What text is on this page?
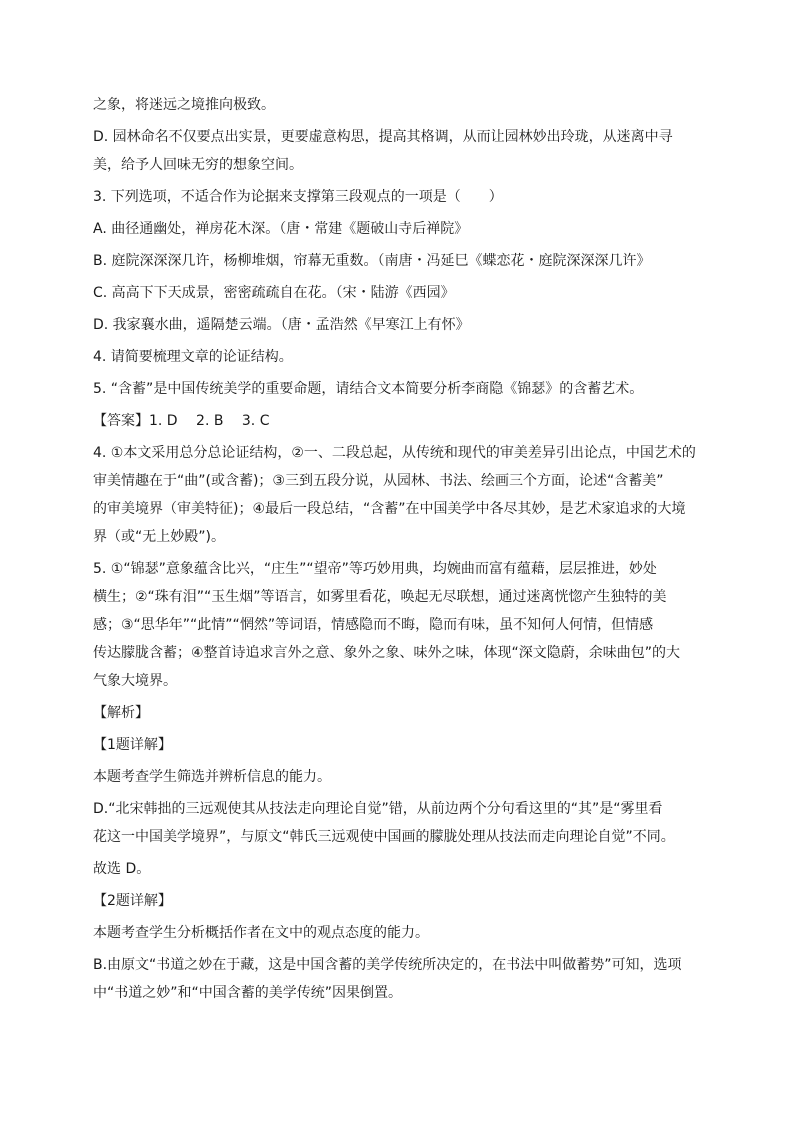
之象，将迷远之境推向极致。

D. 园林命名不仅要点出实景，更要虚意构思，提高其格调，从而让园林妙出玲珑，从迷离中寻

美，给予人回味无穷的想象空间。

3. 下列选项，不适合作为论据来支撑第三段观点的一项是（　　）

A. 曲径通幽处，禅房花木深。（唐・常建《题破山寺后禅院》

B. 庭院深深深几许，杨柳堆烟，帘幕无重数。（南唐・冯延巳《蝶恋花・庭院深深深几许》

C. 高高下下天成景，密密疏疏自在花。（宋・陆游《西园》

D. 我家襄水曲，遥隔楚云端。（唐・孟浩然《早寒江上有怀》

4. 请简要梳理文章的论证结构。

5. “含蓄”是中国传统美学的重要命题，请结合文本简要分析李商隐《锦瑟》的含蓄艺术。

【答案】1. D　 2. B　 3. C

4. ①本文采用总分总论证结构，②一、二段总起，从传统和现代的审美差异引出论点，中国艺术的

审美情趣在于“曲”(或含蓄)；③三到五段分说，从园林、书法、绘画三个方面，论述“含蓄美”

的审美境界（审美特征)；④最后一段总结，“含蓄”在中国美学中各尽其妙，是艺术家追求的大境

界（或“无上妙殿”)。

5. ①“锦瑟”意象蕴含比兴，“庄生”“望帝”等巧妙用典，均婉曲而富有蕴藉，层层推进，妙处

横生；②“珠有泪”“玉生烟”等语言，如雾里看花，唤起无尽联想，通过迷离恍惚产生独特的美

感；③“思华年”“此情”“惘然”等词语，情感隐而不晦，隐而有味，虽不知何人何情，但情感

传达朦胧含蓄；④整首诗追求言外之意、象外之象、味外之味，体现“深文隐蔚，余味曲包”的大

气象大境界。

【解析】

【1题详解】

本题考查学生筛选并辨析信息的能力。

D.“北宋韩拙的三远观使其从技法走向理论自觉”错，从前边两个分句看这里的“其”是“雾里看

花这一中国美学境界”，与原文“韩氏三远观使中国画的朦胧处理从技法而走向理论自觉”不同。

故选 D。

【2题详解】

本题考查学生分析概括作者在文中的观点态度的能力。

B.由原文“书道之妙在于藏，这是中国含蓄的美学传统所决定的，在书法中叫做蓄势”可知，选项

中“书道之妙”和“中国含蓄的美学传统”因果倒置。
